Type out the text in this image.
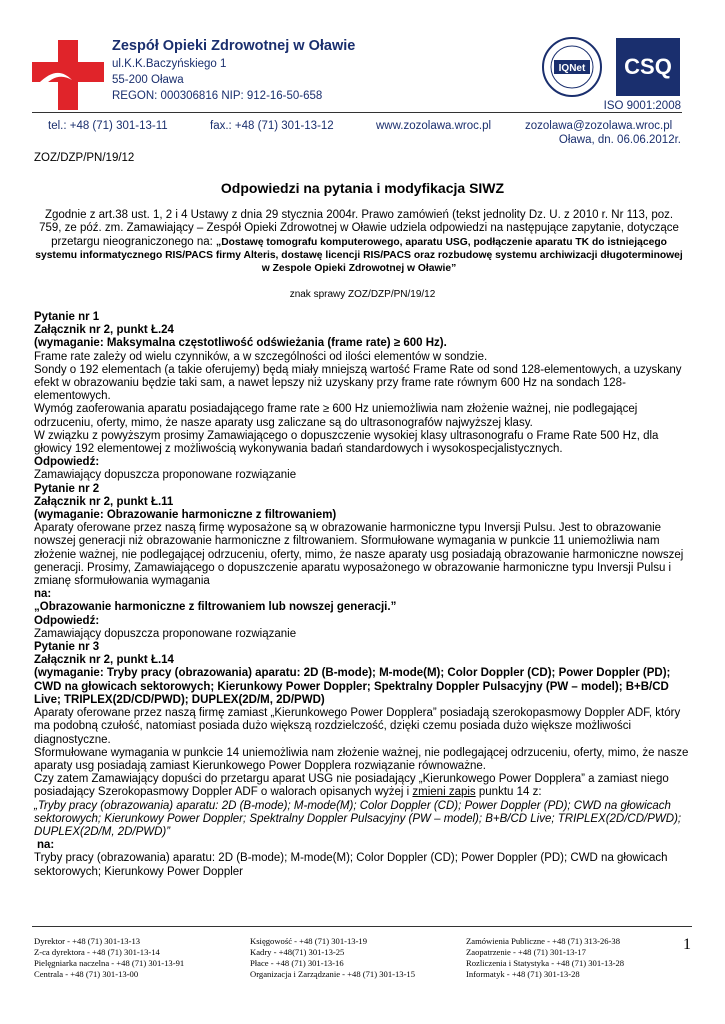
Zespół Opieki Zdrowotnej w Oławie
ul.K.K.Baczyńskiego 1
55-200 Oława
REGON: 000306816 NIP: 912-16-50-658
IQNet CSQ
ISO 9001:2008
tel.: +48 (71) 301-13-11	fax.: +48 (71) 301-13-12	www.zozolawa.wroc.pl	zozolawa@zozolawa.wroc.pl
Oława, dn. 06.06.2012r.
ZOZ/DZP/PN/19/12
Odpowiedzi na pytania i modyfikacja SIWZ
Zgodnie z art.38 ust. 1, 2 i 4 Ustawy z dnia 29 stycznia 2004r. Prawo zamówień (tekst jednolity Dz. U. z 2010 r. Nr 113, poz. 759, ze póź. zm. Zamawiający – Zespół Opieki Zdrowotnej w Oławie udziela odpowiedzi na następujące zapytanie, dotyczące przetargu nieograniczonego na: „Dostawę tomografu komputerowego, aparatu USG, podłączenie aparatu TK do istniejącego systemu informatycznego RIS/PACS firmy Alteris, dostawę licencji RIS/PACS oraz rozbudowę systemu archiwizacji długoterminowej w Zespole Opieki Zdrowotnej w Oławie”
znak sprawy ZOZ/DZP/PN/19/12

Pytanie nr 1

Załącznik nr 2, punkt Ł.24

(wymaganie: Maksymalna częstotliwość odświeżania (frame rate) ≥ 600 Hz).

Frame rate zależy od wielu czynników, a w szczególności od ilości elementów w sondzie.

Sondy o 192 elementach (a takie oferujemy) będą miały mniejszą wartość Frame Rate od sond 128-elementowych, a uzyskany efekt w obrazowaniu będzie taki sam, a nawet lepszy niż uzyskany przy frame rate równym 600 Hz na sondach 128-elementowych.

Wymóg zaoferowania aparatu posiadającego frame rate ≥ 600 Hz uniemożliwia nam złożenie ważnej, nie podlegającej odrzuceniu, oferty, mimo, że nasze aparaty usg zaliczane są do ultrasonografów najwyższej klasy.

W związku z powyższym prosimy Zamawiającego o dopuszczenie wysokiej klasy ultrasonografu o Frame Rate 500 Hz, dla głowicy 192 elementowej z możliwością wykonywania badań standardowych i wysokospecjalistycznych.

Odpowiedź:

Zamawiający dopuszcza proponowane rozwiązanie

Pytanie nr 2

Załącznik nr 2, punkt Ł.11

(wymaganie: Obrazowanie harmoniczne z filtrowaniem)

Aparaty oferowane przez naszą firmę wyposażone są w obrazowanie harmoniczne typu Inversji Pulsu. Jest to obrazowanie nowszej generacji niż obrazowanie harmoniczne z filtrowaniem. Sformułowane wymagania w punkcie 11 uniemożliwia nam złożenie ważnej, nie podlegającej odrzuceniu, oferty, mimo, że nasze aparaty usg posiadają obrazowanie harmoniczne nowszej generacji. Prosimy, Zamawiającego o dopuszczenie aparatu wyposażonego w obrazowanie harmoniczne typu Inversji Pulsu i zmianę sformułowania wymagania

na:

„Obrazowanie harmoniczne z filtrowaniem lub nowszej generacji.”

Odpowiedź:

Zamawiający dopuszcza proponowane rozwiązanie

Pytanie nr 3

Załącznik nr 2, punkt Ł.14

(wymaganie: Tryby pracy (obrazowania) aparatu: 2D (B-mode); M-mode(M); Color Doppler (CD); Power Doppler (PD); CWD na głowicach sektorowych; Kierunkowy Power Doppler; Spektralny Doppler Pulsacyjny (PW – model); B+B/CD Live; TRIPLEX(2D/CD/PWD); DUPLEX(2D/M, 2D/PWD)

Aparaty oferowane przez naszą firmę zamiast „Kierunkowego Power Dopplera” posiadają szerokopasmowy Doppler ADF, który ma podobną czułość, natomiast posiada dużo większą rozdzielczość, dzięki czemu posiada dużo większe możliwości diagnostyczne.

Sformułowane wymagania w punkcie 14 uniemożliwia nam złożenie ważnej, nie podlegającej odrzuceniu, oferty, mimo, że nasze aparaty usg posiadają zamiast Kierunkowego Power Dopplera rozwiązanie równoważne.

Czy zatem Zamawiający dopuści do przetargu aparat USG nie posiadający „Kierunkowego Power Dopplera” a zamiast niego posiadający Szerokopasmowy Doppler ADF o walorach opisanych wyżej i zmieni zapis punktu 14 z:

„Tryby pracy (obrazowania) aparatu: 2D (B-mode); M-mode(M); Color Doppler (CD); Power Doppler (PD); CWD na głowicach sektorowych; Kierunkowy Power Doppler; Spektralny Doppler Pulsacyjny (PW – model); B+B/CD Live; TRIPLEX(2D/CD/PWD); DUPLEX(2D/M, 2D/PWD)”

na:

Tryby pracy (obrazowania) aparatu: 2D (B-mode); M-mode(M); Color Doppler (CD); Power Doppler (PD); CWD na głowicach sektorowych; Kierunkowy Power Doppler

Dyrektor - +48 (71) 301-13-13
Z-ca dyrektora - +48 (71) 301-13-14
Pielęgniarka naczelna - +48 (71) 301-13-91
Centrala - +48 (71) 301-13-00
Księgowość - +48 (71) 301-13-19
Kadry - +48(71) 301-13-25
Płace - +48 (71) 301-13-16
Organizacja i Zarządzanie - +48 (71) 301-13-15
Zamówienia Publiczne - +48 (71) 313-26-38
Zaopatrzenie - +48 (71) 301-13-17
Rozliczenia i Statystyka - +48 (71) 301-13-28
Informatyk - +48 (71) 301-13-28
1
